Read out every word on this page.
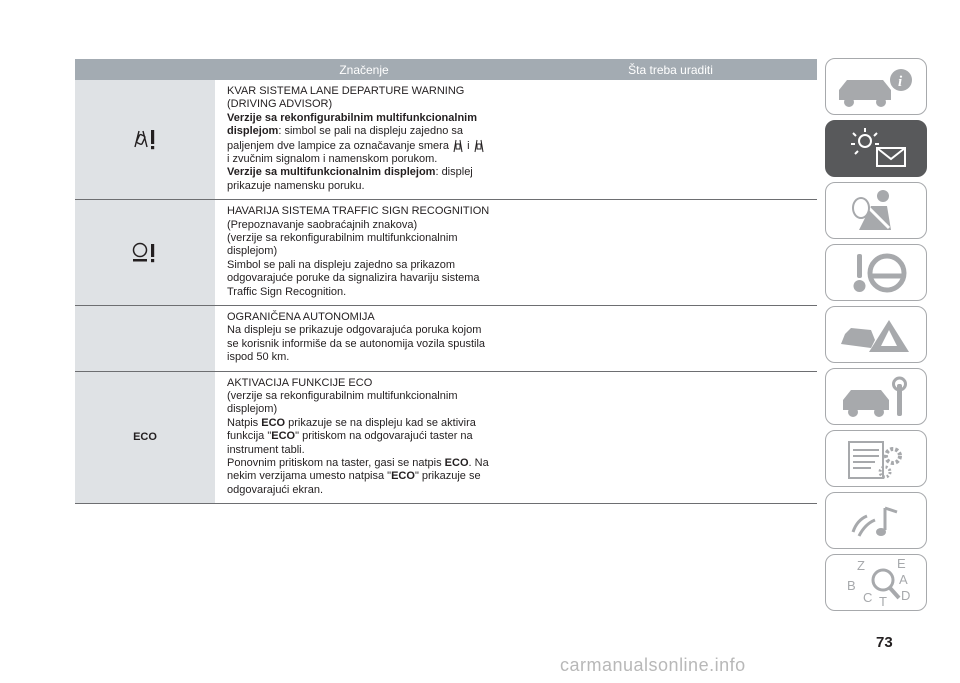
Značenje	Šta treba uraditi
KVAR SISTEMA LANE DEPARTURE WARNING
(DRIVING ADVISOR)
Verzije sa rekonfigurabilnim multifunkcionalnim
displejom: simbol se pali na displeju zajedno sa
paljenjem dve lampice za označavanje smera i
i zvučnim signalom i namenskom porukom.
Verzije sa multifunkcionalnim displejom: displej
prikazuje namensku poruku.
HAVARIJA SISTEMA TRAFFIC SIGN RECOGNITION
(Prepoznavanje saobraćajnih znakova)
(verzije sa rekonfigurabilnim multifunkcionalnim
displejom)
Simbol se pali na displeju zajedno sa prikazom
odgovarajuće poruke da signalizira havariju sistema
Traffic Sign Recognition.
OGRANIČENA AUTONOMIJA
Na displeju se prikazuje odgovarajuća poruka kojom
se korisnik informiše da se autonomija vozila spustila
ispod 50 km.
ECO
AKTIVACIJA FUNKCIJE ECO
(verzije sa rekonfigurabilnim multifunkcionalnim
displejom)
Natpis ECO prikazuje se na displeju kad se aktivira
funkcija "ECO" pritiskom na odgovarajući taster na
instrument tabli.
Ponovnim pritiskom na taster, gasi se natpis ECO. Na
nekim verzijama umesto natpisa "ECO" prikazuje se
odgovarajući ekran.
i
Z E
B	A
C T D
73
carmanualsonline.info
